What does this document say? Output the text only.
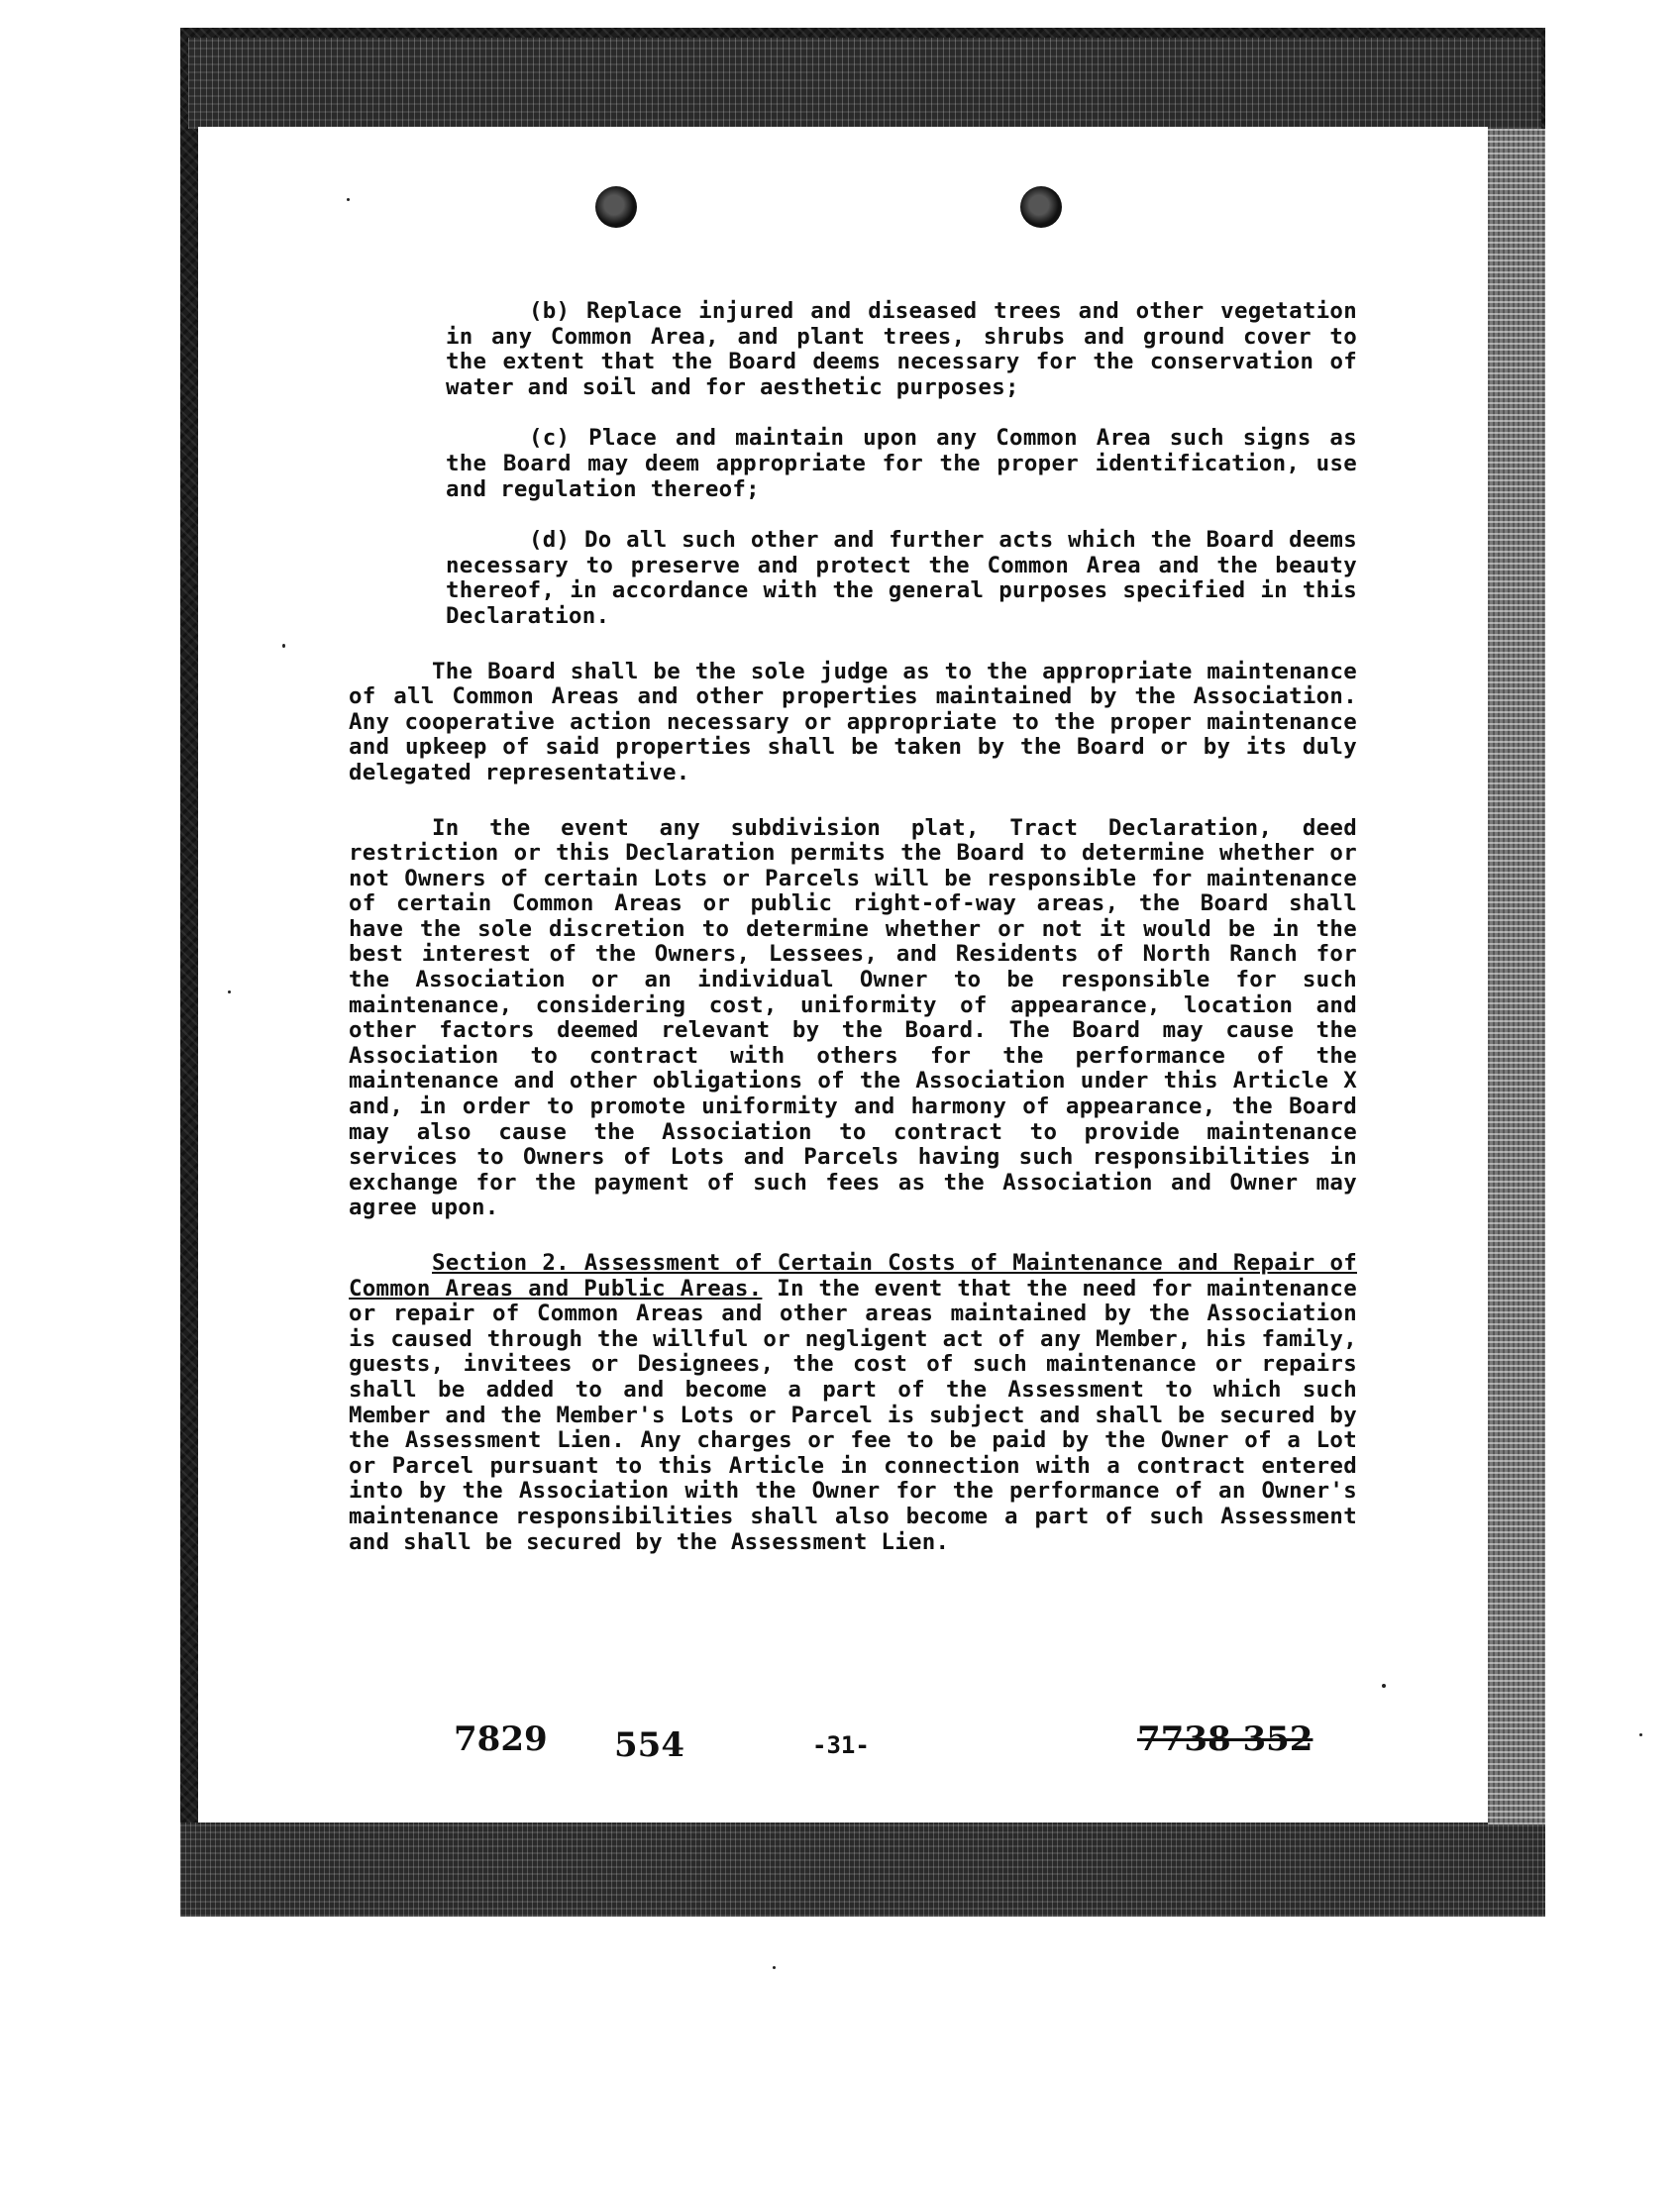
(b) Replace injured and diseased trees and other vegetation in any Common Area, and plant trees, shrubs and ground cover to the extent that the Board deems necessary for the conservation of water and soil and for aesthetic purposes;

(c) Place and maintain upon any Common Area such signs as the Board may deem appropriate for the proper identification, use and regulation thereof;

(d) Do all such other and further acts which the Board deems necessary to preserve and protect the Common Area and the beauty thereof, in accordance with the general purposes specified in this Declaration.

The Board shall be the sole judge as to the appropriate maintenance of all Common Areas and other properties maintained by the Association. Any cooperative action necessary or appropriate to the proper maintenance and upkeep of said properties shall be taken by the Board or by its duly delegated representative.

In the event any subdivision plat, Tract Declaration, deed restriction or this Declaration permits the Board to determine whether or not Owners of certain Lots or Parcels will be responsible for maintenance of certain Common Areas or public right-of-way areas, the Board shall have the sole discretion to determine whether or not it would be in the best interest of the Owners, Lessees, and Residents of North Ranch for the Association or an individual Owner to be responsible for such maintenance, considering cost, uniformity of appearance, location and other factors deemed relevant by the Board. The Board may cause the Association to contract with others for the performance of the maintenance and other obligations of the Association under this Article X and, in order to promote uniformity and harmony of appearance, the Board may also cause the Association to contract to provide maintenance services to Owners of Lots and Parcels having such responsibilities in exchange for the payment of such fees as the Association and Owner may agree upon.

Section 2. Assessment of Certain Costs of Maintenance and Repair of Common Areas and Public Areas. In the event that the need for maintenance or repair of Common Areas and other areas maintained by the Association is caused through the willful or negligent act of any Member, his family, guests, invitees or Designees, the cost of such maintenance or repairs shall be added to and become a part of the Assessment to which such Member and the Member's Lots or Parcel is subject and shall be secured by the Assessment Lien. Any charges or fee to be paid by the Owner of a Lot or Parcel pursuant to this Article in connection with a contract entered into by the Association with the Owner for the performance of an Owner's maintenance responsibilities shall also become a part of such Assessment and shall be secured by the Assessment Lien.

7829 554	-31-	7738 352
